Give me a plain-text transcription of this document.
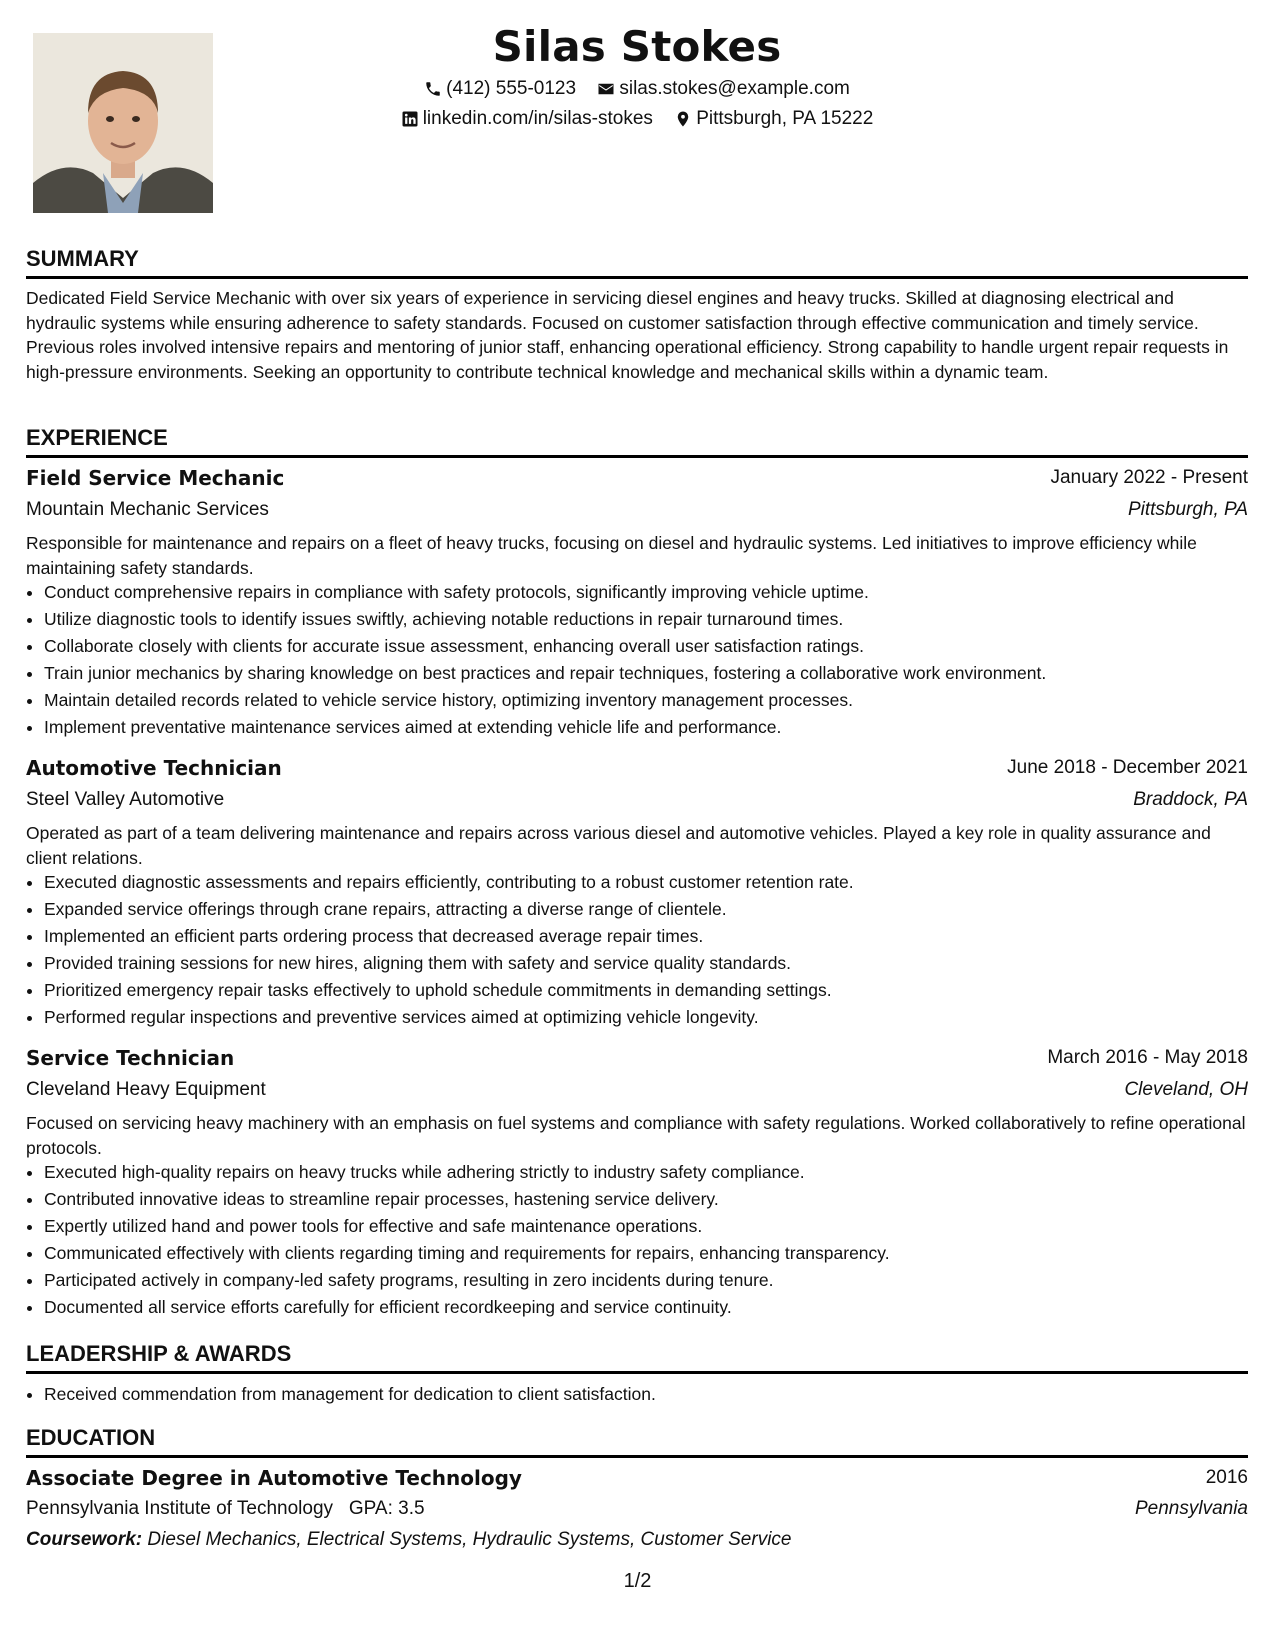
Silas Stokes
(412) 555-0123
silas.stokes@example.com
linkedin.com/in/silas-stokes
Pittsburgh, PA 15222
SUMMARY
Dedicated Field Service Mechanic with over six years of experience in servicing diesel engines and heavy trucks. Skilled at diagnosing electrical and hydraulic systems while ensuring adherence to safety standards. Focused on customer satisfaction through effective communication and timely service. Previous roles involved intensive repairs and mentoring of junior staff, enhancing operational efficiency. Strong capability to handle urgent repair requests in high-pressure environments. Seeking an opportunity to contribute technical knowledge and mechanical skills within a dynamic team.
EXPERIENCE
Field Service Mechanic	January 2022 - Present
Mountain Mechanic Services	Pittsburgh, PA
Responsible for maintenance and repairs on a fleet of heavy trucks, focusing on diesel and hydraulic systems. Led initiatives to improve efficiency while maintaining safety standards.
• Conduct comprehensive repairs in compliance with safety protocols, significantly improving vehicle uptime.
• Utilize diagnostic tools to identify issues swiftly, achieving notable reductions in repair turnaround times.
• Collaborate closely with clients for accurate issue assessment, enhancing overall user satisfaction ratings.
• Train junior mechanics by sharing knowledge on best practices and repair techniques, fostering a collaborative work environment.
• Maintain detailed records related to vehicle service history, optimizing inventory management processes.
• Implement preventative maintenance services aimed at extending vehicle life and performance.
Automotive Technician	June 2018 - December 2021
Steel Valley Automotive	Braddock, PA
Operated as part of a team delivering maintenance and repairs across various diesel and automotive vehicles. Played a key role in quality assurance and client relations.
• Executed diagnostic assessments and repairs efficiently, contributing to a robust customer retention rate.
• Expanded service offerings through crane repairs, attracting a diverse range of clientele.
• Implemented an efficient parts ordering process that decreased average repair times.
• Provided training sessions for new hires, aligning them with safety and service quality standards.
• Prioritized emergency repair tasks effectively to uphold schedule commitments in demanding settings.
• Performed regular inspections and preventive services aimed at optimizing vehicle longevity.
Service Technician	March 2016 - May 2018
Cleveland Heavy Equipment	Cleveland, OH
Focused on servicing heavy machinery with an emphasis on fuel systems and compliance with safety regulations. Worked collaboratively to refine operational protocols.
• Executed high-quality repairs on heavy trucks while adhering strictly to industry safety compliance.
• Contributed innovative ideas to streamline repair processes, hastening service delivery.
• Expertly utilized hand and power tools for effective and safe maintenance operations.
• Communicated effectively with clients regarding timing and requirements for repairs, enhancing transparency.
• Participated actively in company-led safety programs, resulting in zero incidents during tenure.
• Documented all service efforts carefully for efficient recordkeeping and service continuity.
LEADERSHIP & AWARDS
• Received commendation from management for dedication to client satisfaction.
EDUCATION
Associate Degree in Automotive Technology	2016
Pennsylvania Institute of Technology GPA: 3.5	Pennsylvania
Coursework: Diesel Mechanics, Electrical Systems, Hydraulic Systems, Customer Service
1/2
